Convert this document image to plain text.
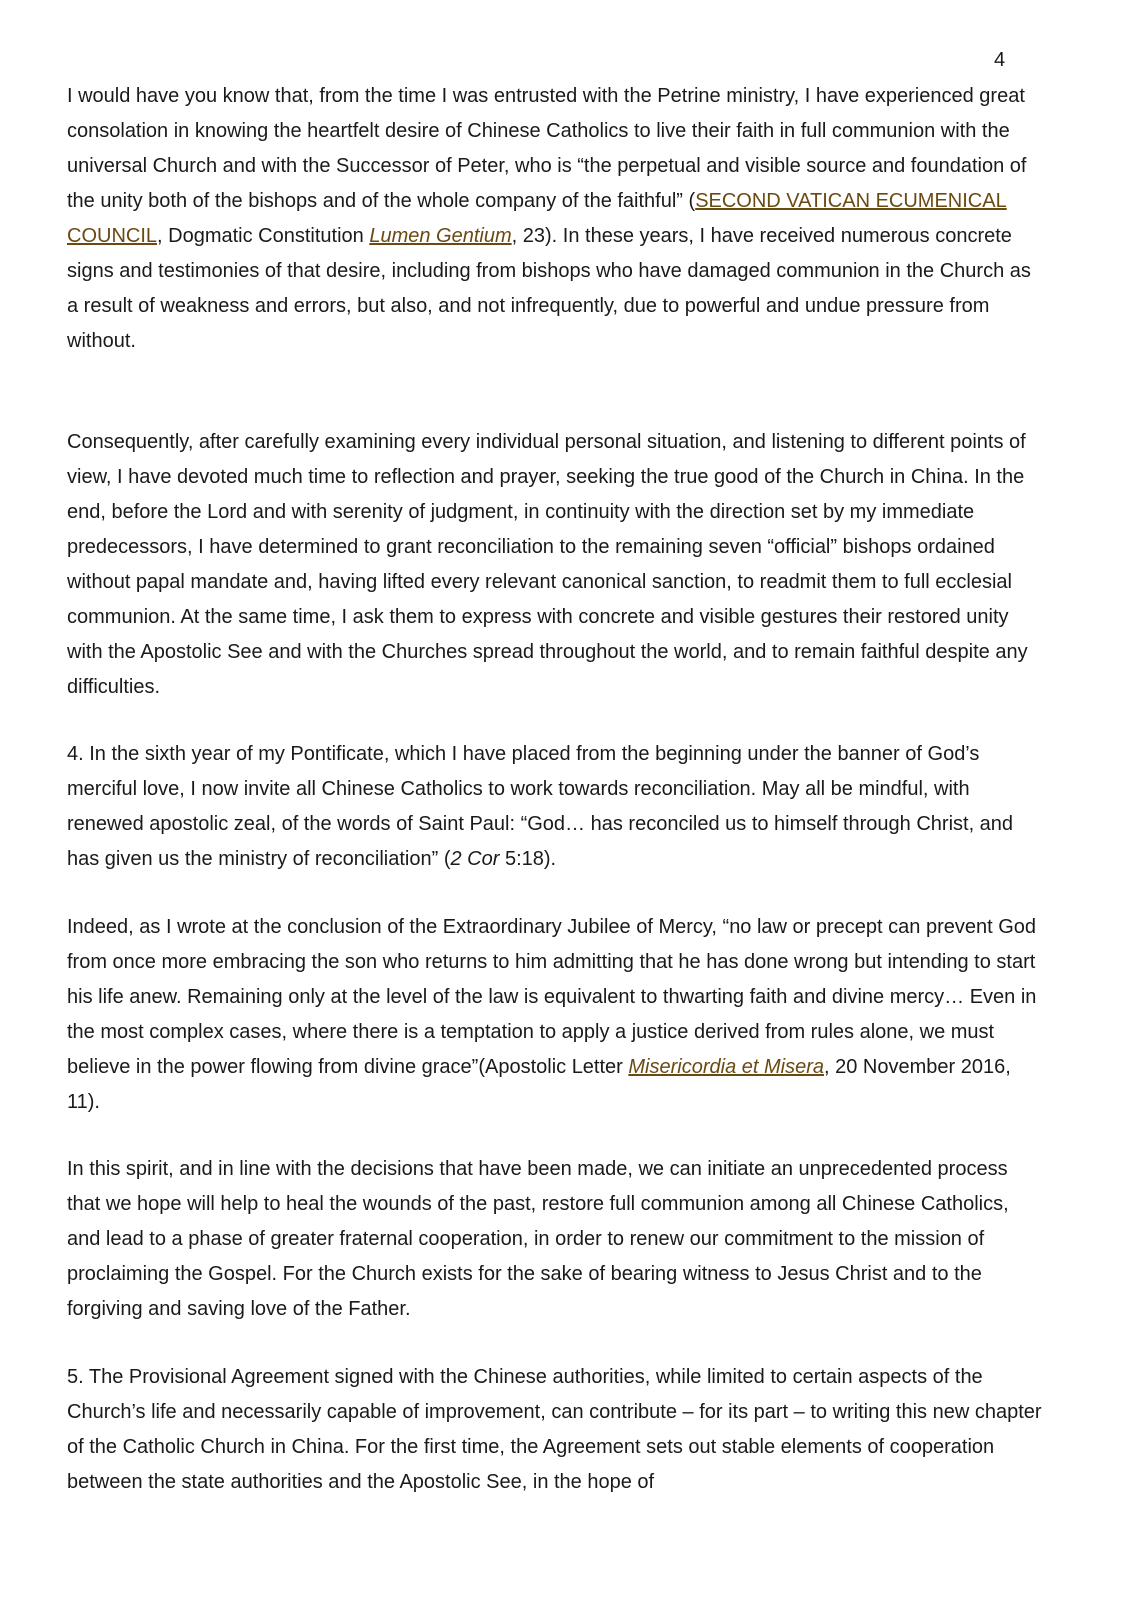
4

I would have you know that, from the time I was entrusted with the Petrine ministry, I have experienced great consolation in knowing the heartfelt desire of Chinese Catholics to live their faith in full communion with the universal Church and with the Successor of Peter, who is “the perpetual and visible source and foundation of the unity both of the bishops and of the whole company of the faithful” (SECOND VATICAN ECUMENICAL COUNCIL, Dogmatic Constitution Lumen Gentium, 23). In these years, I have received numerous concrete signs and testimonies of that desire, including from bishops who have damaged communion in the Church as a result of weakness and errors, but also, and not infrequently, due to powerful and undue pressure from without.

Consequently, after carefully examining every individual personal situation, and listening to different points of view, I have devoted much time to reflection and prayer, seeking the true good of the Church in China. In the end, before the Lord and with serenity of judgment, in continuity with the direction set by my immediate predecessors, I have determined to grant reconciliation to the remaining seven “official” bishops ordained without papal mandate and, having lifted every relevant canonical sanction, to readmit them to full ecclesial communion. At the same time, I ask them to express with concrete and visible gestures their restored unity with the Apostolic See and with the Churches spread throughout the world, and to remain faithful despite any difficulties.

4. In the sixth year of my Pontificate, which I have placed from the beginning under the banner of God’s merciful love, I now invite all Chinese Catholics to work towards reconciliation. May all be mindful, with renewed apostolic zeal, of the words of Saint Paul: “God… has reconciled us to himself through Christ, and has given us the ministry of reconciliation” (2 Cor 5:18).

Indeed, as I wrote at the conclusion of the Extraordinary Jubilee of Mercy, “no law or precept can prevent God from once more embracing the son who returns to him admitting that he has done wrong but intending to start his life anew. Remaining only at the level of the law is equivalent to thwarting faith and divine mercy… Even in the most complex cases, where there is a temptation to apply a justice derived from rules alone, we must believe in the power flowing from divine grace”(Apostolic Letter Misericordia et Misera, 20 November 2016, 11).

In this spirit, and in line with the decisions that have been made, we can initiate an unprecedented process that we hope will help to heal the wounds of the past, restore full communion among all Chinese Catholics, and lead to a phase of greater fraternal cooperation, in order to renew our commitment to the mission of proclaiming the Gospel. For the Church exists for the sake of bearing witness to Jesus Christ and to the forgiving and saving love of the Father.

5. The Provisional Agreement signed with the Chinese authorities, while limited to certain aspects of the Church’s life and necessarily capable of improvement, can contribute – for its part – to writing this new chapter of the Catholic Church in China. For the first time, the Agreement sets out stable elements of cooperation between the state authorities and the Apostolic See, in the hope of
